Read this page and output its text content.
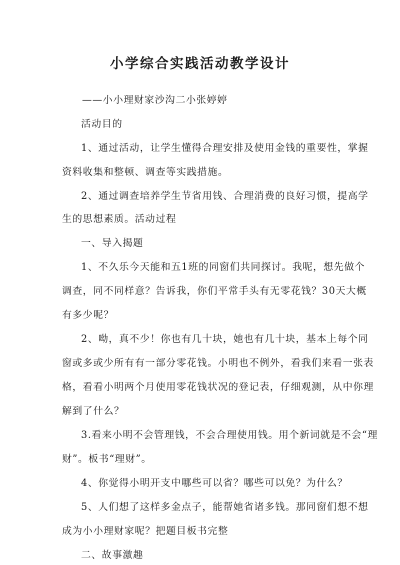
小学综合实践活动教学设计
——小小理财家沙沟二小张婷婷
活动目的
1、通过活动，让学生懂得合理安排及使用金钱的重要性，掌握
资料收集和整顿、调查等实践措施。
2、通过调查培养学生节省用钱、合理消费的良好习惯，提高学
生的思想素质。活动过程
一、导入揭题
1、不久乐今天能和五1班的同窗们共同探讨。我呢，想先做个
调查，同不同样意？告诉我，你们平常手头有无零花钱？30天大概
有多少呢？
2、呦，真不少！你也有几十块，她也有几十块，基本上每个同
窗或多或少所有有一部分零花钱。小明也不例外，看我们来看一张表
格，看看小明两个月使用零花钱状况的登记表，仔细观测，从中你理
解到了什么？
3.看来小明不会管理钱，不会合理使用钱。用个新词就是不会“理
财”。板书“理财”。
4、你觉得小明开支中哪些可以省？哪些可以免？为什么？
5、人们想了这样多金点子，能帮她省诸多钱。那同窗们想不想
成为小小理财家呢？把题目板书完整
二、故事激趣
